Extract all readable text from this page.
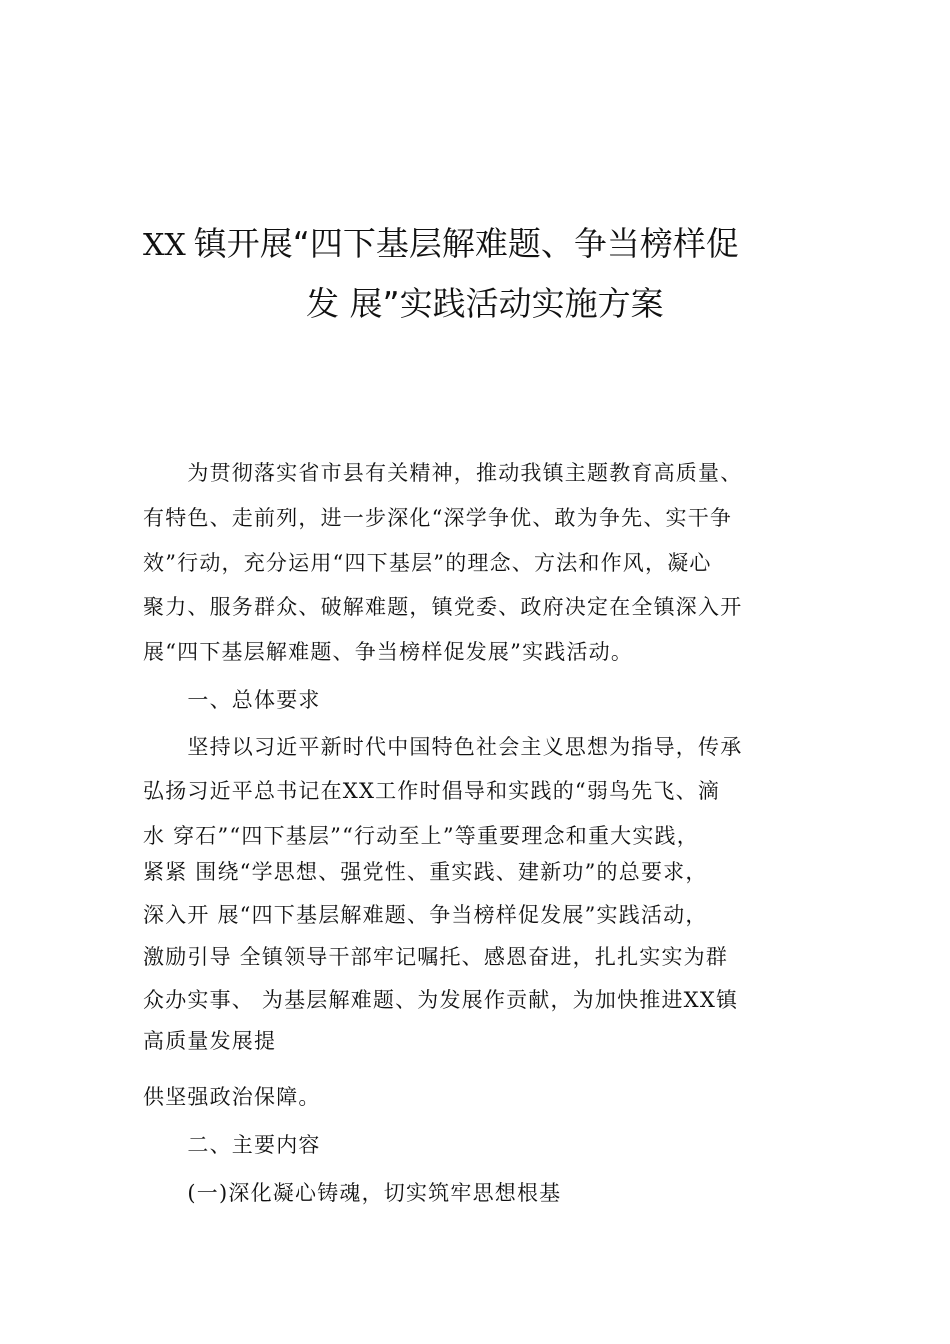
XX 镇开展“四下基层解难题、争当榜样促
发 展”实践活动实施方案
　　为贯彻落实省市县有关精神，推动我镇主题教育高质量、
有特色、走前列，进一步深化“深学争优、敢为争先、实干争
效”行动，充分运用“四下基层”的理念、方法和作风，凝心
聚力、服务群众、破解难题，镇党委、政府决定在全镇深入开
展“四下基层解难题、争当榜样促发展”实践活动。
　　一、总体要求
　　坚持以习近平新时代中国特色社会主义思想为指导，传承
弘扬习近平总书记在XX工作时倡导和实践的“弱鸟先飞、滴
水 穿石”“四下基层”“行动至上”等重要理念和重大实践，
紧紧 围绕“学思想、强党性、重实践、建新功”的总要求，
深入开 展“四下基层解难题、争当榜样促发展”实践活动，
激励引导 全镇领导干部牢记嘱托、感恩奋进，扎扎实实为群
众办实事、 为基层解难题、为发展作贡献，为加快推进XX镇
高质量发展提
供坚强政治保障。
　　二、主要内容
　　(一)深化凝心铸魂，切实筑牢思想根基
